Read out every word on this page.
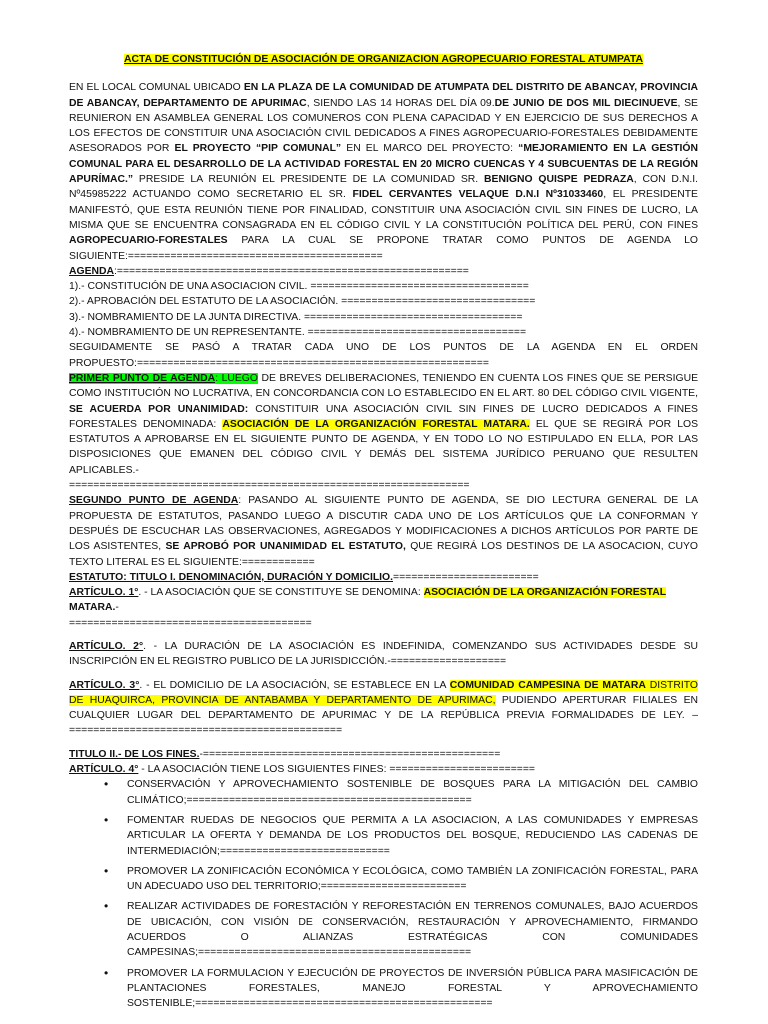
ACTA DE CONSTITUCIÓN DE ASOCIACIÓN DE ORGANIZACION AGROPECUARIO FORESTAL ATUMPATA

EN EL LOCAL COMUNAL UBICADO EN LA PLAZA DE LA COMUNIDAD DE ATUMPATA DEL DISTRITO DE ABANCAY, PROVINCIA DE ABANCAY, DEPARTAMENTO DE APURIMAC, SIENDO LAS 14 HORAS DEL DÍA 09.DE JUNIO DE DOS MIL DIECINUEVE, SE REUNIERON EN ASAMBLEA GENERAL LOS COMUNEROS CON PLENA CAPACIDAD Y EN EJERCICIO DE SUS DERECHOS A LOS EFECTOS DE CONSTITUIR UNA ASOCIACIÓN CIVIL DEDICADOS A FINES AGROPECUARIO-FORESTALES DEBIDAMENTE ASESORADOS POR EL PROYECTO “PIP COMUNAL” EN EL MARCO DEL PROYECTO: “MEJORAMIENTO EN LA GESTIÓN COMUNAL PARA EL DESARROLLO DE LA ACTIVIDAD FORESTAL EN 20 MICRO CUENCAS Y 4 SUBCUENTAS DE LA REGIÓN APURÍMAC.” PRESIDE LA REUNIÓN EL PRESIDENTE DE LA COMUNIDAD SR. BENIGNO QUISPE PEDRAZA, CON D.N.I. Nº45985222 ACTUANDO COMO SECRETARIO EL SR. FIDEL CERVANTES VELAQUE D.N.I Nº31033460, EL PRESIDENTE MANIFESTÓ, QUE ESTA REUNIÓN TIENE POR FINALIDAD, CONSTITUIR UNA ASOCIACIÓN CIVIL SIN FINES DE LUCRO, LA MISMA QUE SE ENCUENTRA CONSAGRADA EN EL CÓDIGO CIVIL Y LA CONSTITUCIÓN POLÍTICA DEL PERÚ, CON FINES AGROPECUARIO-FORESTALES PARA LA CUAL SE PROPONE TRATAR COMO PUNTOS DE AGENDA LO SIGUIENTE:==========================================

AGENDA:==========================================================

1).- CONSTITUCIÓN DE UNA ASOCIACION CIVIL. ====================================

2).- APROBACIÓN DEL ESTATUTO DE LA ASOCIACIÓN. ================================

3).- NOMBRAMIENTO DE LA JUNTA DIRECTIVA. ====================================

4).- NOMBRAMIENTO DE UN REPRESENTANTE. ====================================

SEGUIDAMENTE SE PASÓ A TRATAR CADA UNO DE LOS PUNTOS DE LA AGENDA EN EL ORDEN

PROPUESTO:==========================================================

PRIMER PUNTO DE AGENDA: LUEGO DE BREVES DELIBERACIONES, TENIENDO EN CUENTA LOS FINES QUE SE PERSIGUE COMO INSTITUCIÓN NO LUCRATIVA, EN CONCORDANCIA CON LO ESTABLECIDO EN EL ART. 80 DEL CÓDIGO CIVIL VIGENTE, SE ACUERDA POR UNANIMIDAD: CONSTITUIR UNA ASOCIACIÓN CIVIL SIN FINES DE LUCRO DEDICADOS A FINES FORESTALES DENOMINADA: ASOCIACIÓN DE LA ORGANIZACIÓN FORESTAL MATARA. EL QUE SE REGIRÁ POR LOS ESTATUTOS A APROBARSE EN EL SIGUIENTE PUNTO DE AGENDA, Y EN TODO LO NO ESTIPULADO EN ELLA, POR LAS DISPOSICIONES QUE EMANEN DEL CÓDIGO CIVIL Y DEMÁS DEL SISTEMA JURÍDICO PERUANO QUE RESULTEN APLICABLES.-

==================================================================

SEGUNDO PUNTO DE AGENDA: PASANDO AL SIGUIENTE PUNTO DE AGENDA, SE DIO LECTURA GENERAL DE LA PROPUESTA DE ESTATUTOS, PASANDO LUEGO A DISCUTIR CADA UNO DE LOS ARTÍCULOS QUE LA CONFORMAN Y DESPUÉS DE ESCUCHAR LAS OBSERVACIONES, AGREGADOS Y MODIFICACIONES A DICHOS ARTÍCULOS POR PARTE DE LOS ASISTENTES, SE APROBÓ POR UNANIMIDAD EL ESTATUTO, QUE REGIRÁ LOS DESTINOS DE LA ASOCACION, CUYO TEXTO LITERAL ES EL SIGUIENTE:============

ESTATUTO: TITULO I. DENOMINACIÓN, DURACIÓN Y DOMICILIO.========================

ARTÍCULO. 1°. - LA ASOCIACIÓN QUE SE CONSTITUYE SE DENOMINA: ASOCIACIÓN DE LA ORGANIZACIÓN FORESTAL MATARA.-

========================================

ARTÍCULO. 2°. - LA DURACIÓN DE LA ASOCIACIÓN ES INDEFINIDA, COMENZANDO SUS ACTIVIDADES DESDE SU INSCRIPCIÓN EN EL REGISTRO PUBLICO DE LA JURISDICCIÓN.-===================

ARTÍCULO. 3°. - EL DOMICILIO DE LA ASOCIACIÓN, SE ESTABLECE EN LA COMUNIDAD CAMPESINA DE MATARA DISTRITO DE HUAQUIRCA, PROVINCIA DE ANTABAMBA Y DEPARTAMENTO DE APURIMAC, PUDIENDO APERTURAR FILIALES EN CUALQUIER LUGAR DEL DEPARTAMENTO DE APURIMAC Y DE LA REPÚBLICA PREVIA FORMALIDADES DE LEY. –

=============================================

TITULO II.- DE LOS FINES.-=================================================

ARTÍCULO. 4° - LA ASOCIACIÓN TIENE LOS SIGUIENTES FINES: ========================

• CONSERVACIÓN Y APROVECHAMIENTO SOSTENIBLE DE BOSQUES PARA LA MITIGACIÓN DEL CAMBIO CLIMÁTICO;===============================================
• FOMENTAR RUEDAS DE NEGOCIOS QUE PERMITA A LA ASOCIACION, A LAS COMUNIDADES Y EMPRESAS ARTICULAR LA OFERTA Y DEMANDA DE LOS PRODUCTOS DEL BOSQUE, REDUCIENDO LAS CADENAS DE INTERMEDIACIÓN;============================
• PROMOVER LA ZONIFICACIÓN ECONÓMICA Y ECOLÓGICA, COMO TAMBIÉN LA ZONIFICACIÓN FORESTAL, PARA UN ADECUADO USO DEL TERRITORIO;========================
• REALIZAR ACTIVIDADES DE FORESTACIÓN Y REFORESTACIÓN EN TERRENOS COMUNALES, BAJO ACUERDOS DE UBICACIÓN, CON VISIÓN DE CONSERVACIÓN, RESTAURACIÓN Y APROVECHAMIENTO, FIRMANDO ACUERDOS O ALIANZAS ESTRATÉGICAS CON COMUNIDADES CAMPESINAS;=============================================
• PROMOVER LA FORMULACION Y EJECUCIÓN DE PROYECTOS DE INVERSIÓN PÚBLICA PARA MASIFICACIÓN DE PLANTACIONES FORESTALES, MANEJO FORESTAL Y APROVECHAMIENTO SOSTENIBLE;=================================================
